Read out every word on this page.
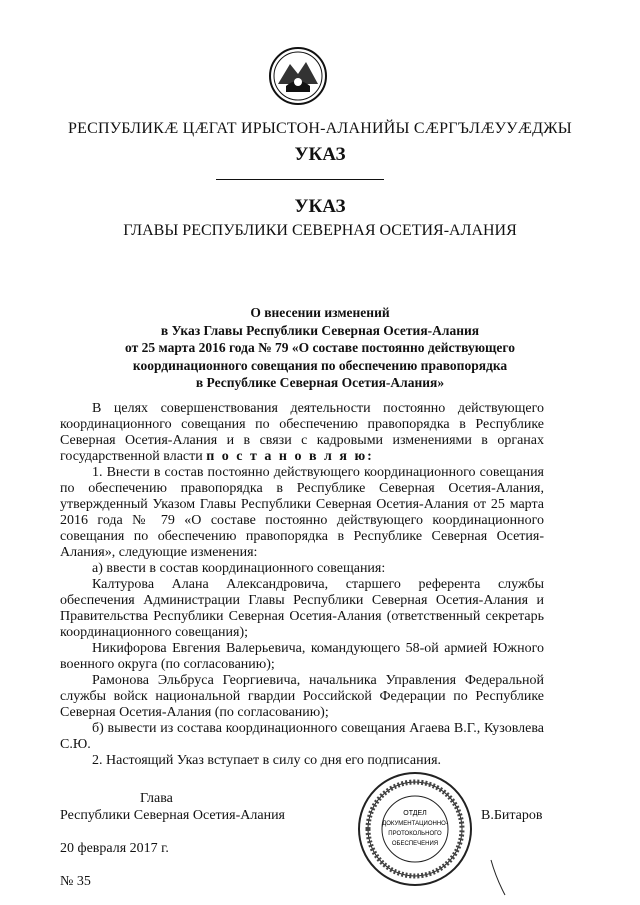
РЕСПУБЛИКӔ ЦӔГАТ ИРЫСТОН-АЛАНИЙЫ СӔРГЪЛӔУУӔДЖЫ
УКАЗ
УКАЗ
ГЛАВЫ РЕСПУБЛИКИ СЕВЕРНАЯ ОСЕТИЯ-АЛАНИЯ
О внесении изменений
в Указ Главы Республики Северная Осетия-Алания
от 25 марта 2016 года № 79 «О составе постоянно действующего
координационного совещания по обеспечению правопорядка
в Республике Северная Осетия-Алания»

В целях совершенствования деятельности постоянно действующего координационного совещания по обеспечению правопорядка в Республике Северная Осетия-Алания и в связи с кадровыми изменениями в органах государственной власти п о с т а н о в л я ю:

1. Внести в состав постоянно действующего координационного совещания по обеспечению правопорядка в Республике Северная Осетия-Алания, утвержденный Указом Главы Республики Северная Осетия-Алания от 25 марта 2016 года № 79 «О составе постоянно действующего координационного совещания по обеспечению правопорядка в Республике Северная Осетия-Алания», следующие изменения:

а) ввести в состав координационного совещания:

Калтурова Алана Александровича, старшего референта службы обеспечения Администрации Главы Республики Северная Осетия-Алания и Правительства Республики Северная Осетия-Алания (ответственный секретарь координационного совещания);

Никифорова Евгения Валерьевича, командующего 58-ой армией Южного военного округа (по согласованию);

Рамонова Эльбруса Георгиевича, начальника Управления Федеральной службы войск национальной гвардии Российской Федерации по Республике Северная Осетия-Алания (по согласованию);

б) вывести из состава координационного совещания Агаева В.Г., Кузовлева С.Ю.

2. Настоящий Указ вступает в силу со дня его подписания.

Глава
Республики Северная Осетия-Алания	В.Битаров
ОТДЕЛ
ДОКУМЕНТАЦИОННО-
ПРОТОКОЛЬНОГО
ОБЕСПЕЧЕНИЯ
20 февраля 2017 г.
№ 35
